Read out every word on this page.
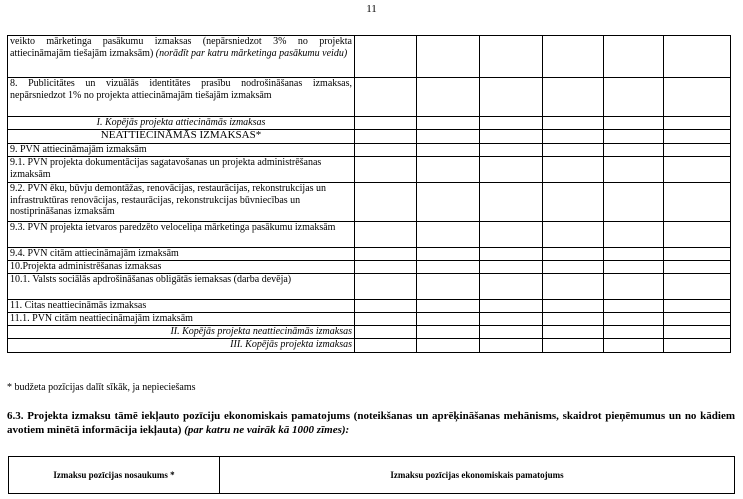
11
veikto mārketinga pasākumu izmaksas (nepārsniedzot 3% no projekta attiecināmajām tiešajām izmaksām) (norādīt par katru mārketinga pasākumu veidu)						
8. Publicitātes un vizuālās identitātes prasību nodrošināšanas izmaksas, nepārsniedzot 1% no projekta attiecināmajām tiešajām izmaksām						
I. Kopējās projekta attiecināmās izmaksas						
NEATTIECINĀMĀS IZMAKSAS*						
9. PVN attiecināmajām izmaksām						
9.1. PVN projekta dokumentācijas sagatavošanas un projekta administrēšanas izmaksām						
9.2. PVN ēku, būvju demontāžas, renovācijas, restaurācijas, rekonstrukcijas un infrastruktūras renovācijas, restaurācijas, rekonstrukcijas būvniecības un nostiprināšanas izmaksām						
9.3. PVN projekta ietvaros paredzēto veloceliņa mārketinga pasākumu izmaksām						
9.4. PVN citām attiecināmajām izmaksām						
10.Projekta administrēšanas izmaksas						
10.1. Valsts sociālās apdrošināšanas obligātās iemaksas (darba devēja)						
11. Citas neattiecināmās izmaksas						
11.1. PVN citām neattiecināmajām izmaksām						
II. Kopējās projekta neattiecināmās izmaksas						
III. Kopējās projekta izmaksas						
* budžeta pozīcijas dalīt sīkāk, ja nepieciešams
6.3. Projekta izmaksu tāmē iekļauto pozīciju ekonomiskais pamatojums (noteikšanas un aprēķināšanas mehānisms, skaidrot pieņēmumus un no kādiem avotiem minētā informācija iekļauta) (par katru ne vairāk kā 1000 zīmes):
Izmaksu pozīcijas nosaukums *	Izmaksu pozīcijas ekonomiskais pamatojums
